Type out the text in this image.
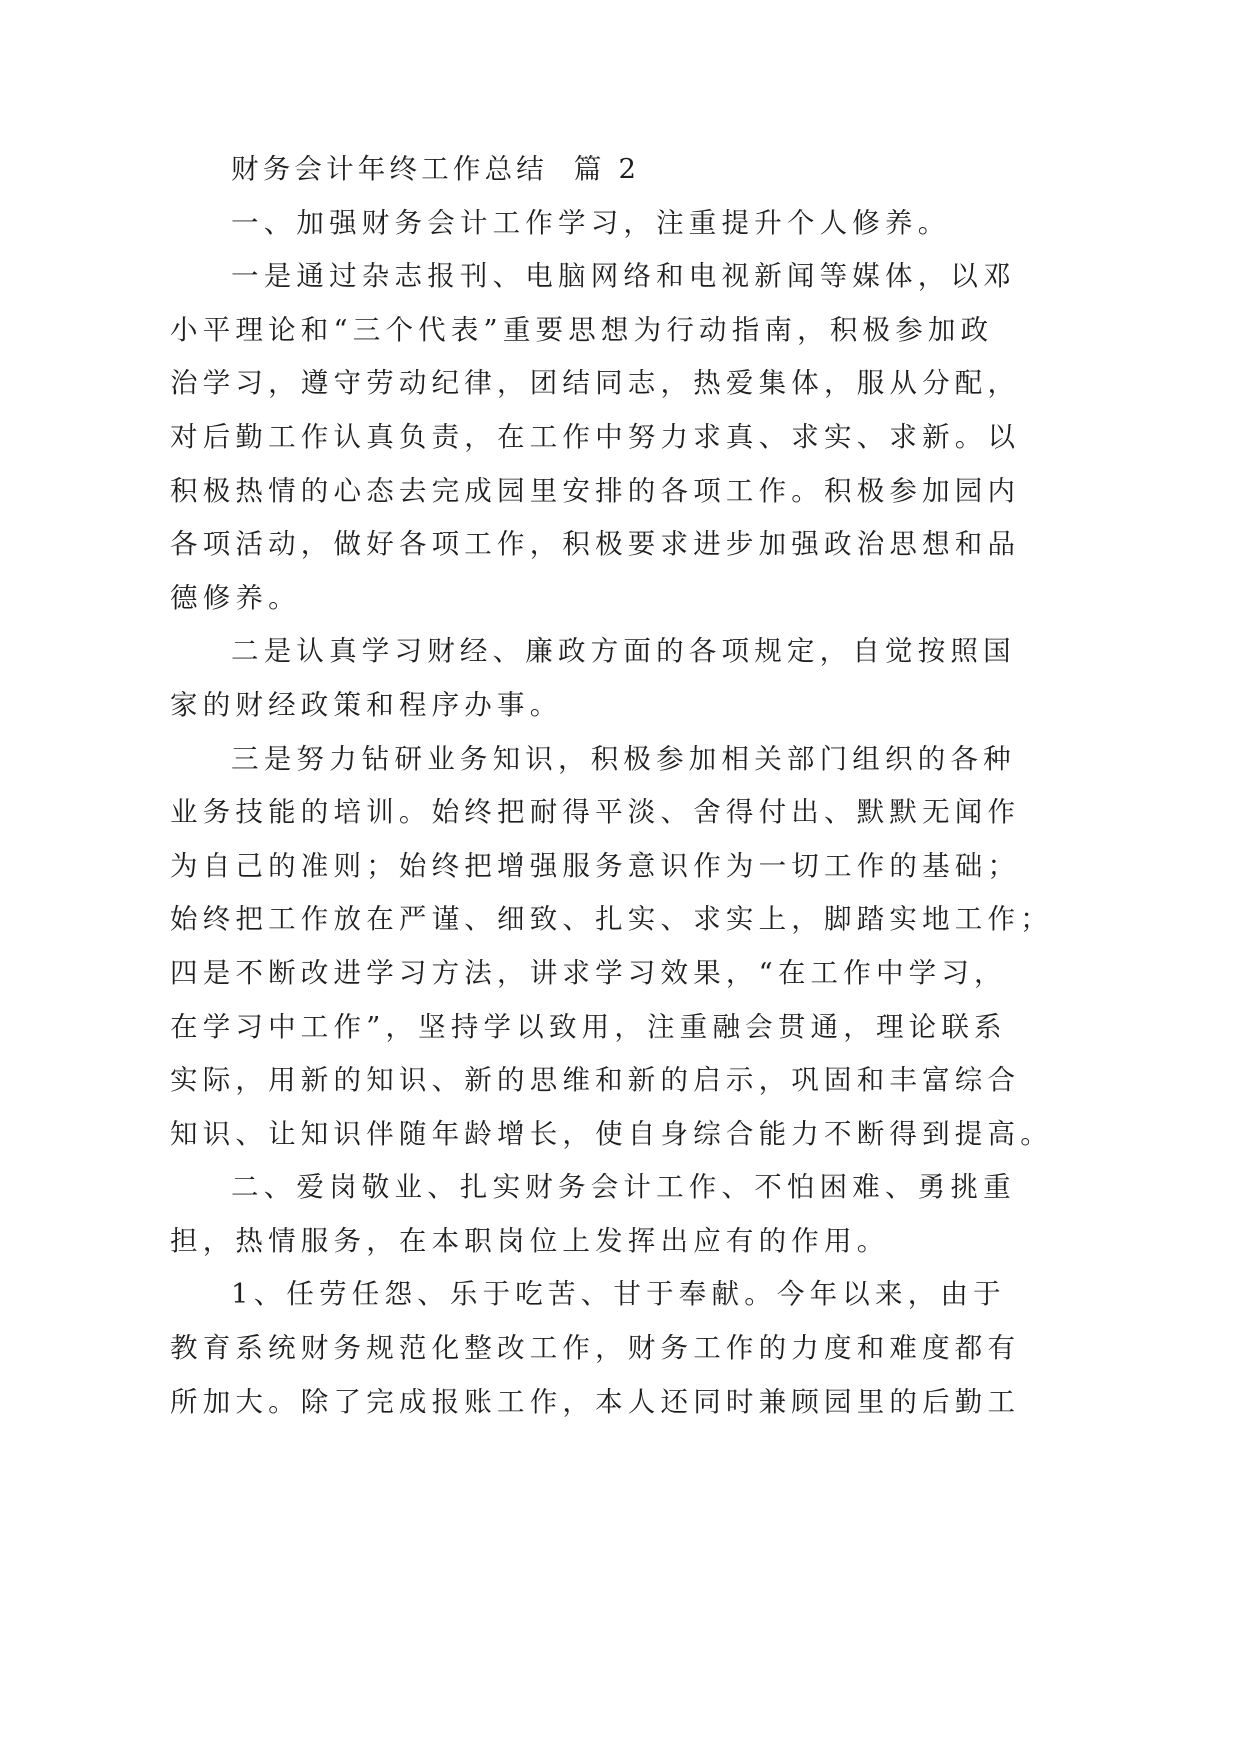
财务会计年终工作总结  篇 2
一、加强财务会计工作学习，注重提升个人修养。
一是通过杂志报刊、电脑网络和电视新闻等媒体，以邓
小平理论和“三个代表”重要思想为行动指南，积极参加政
治学习，遵守劳动纪律，团结同志，热爱集体，服从分配，
对后勤工作认真负责，在工作中努力求真、求实、求新。以
积极热情的心态去完成园里安排的各项工作。积极参加园内
各项活动，做好各项工作，积极要求进步加强政治思想和品
德修养。
二是认真学习财经、廉政方面的各项规定，自觉按照国
家的财经政策和程序办事。
三是努力钻研业务知识，积极参加相关部门组织的各种
业务技能的培训。始终把耐得平淡、舍得付出、默默无闻作
为自己的准则；始终把增强服务意识作为一切工作的基础；
始终把工作放在严谨、细致、扎实、求实上，脚踏实地工作；
四是不断改进学习方法，讲求学习效果，“在工作中学习，
在学习中工作”，坚持学以致用，注重融会贯通，理论联系
实际，用新的知识、新的思维和新的启示，巩固和丰富综合
知识、让知识伴随年龄增长，使自身综合能力不断得到提高。
二、爱岗敬业、扎实财务会计工作、不怕困难、勇挑重
担，热情服务，在本职岗位上发挥出应有的作用。
1、任劳任怨、乐于吃苦、甘于奉献。今年以来，由于
教育系统财务规范化整改工作，财务工作的力度和难度都有
所加大。除了完成报账工作，本人还同时兼顾园里的后勤工
